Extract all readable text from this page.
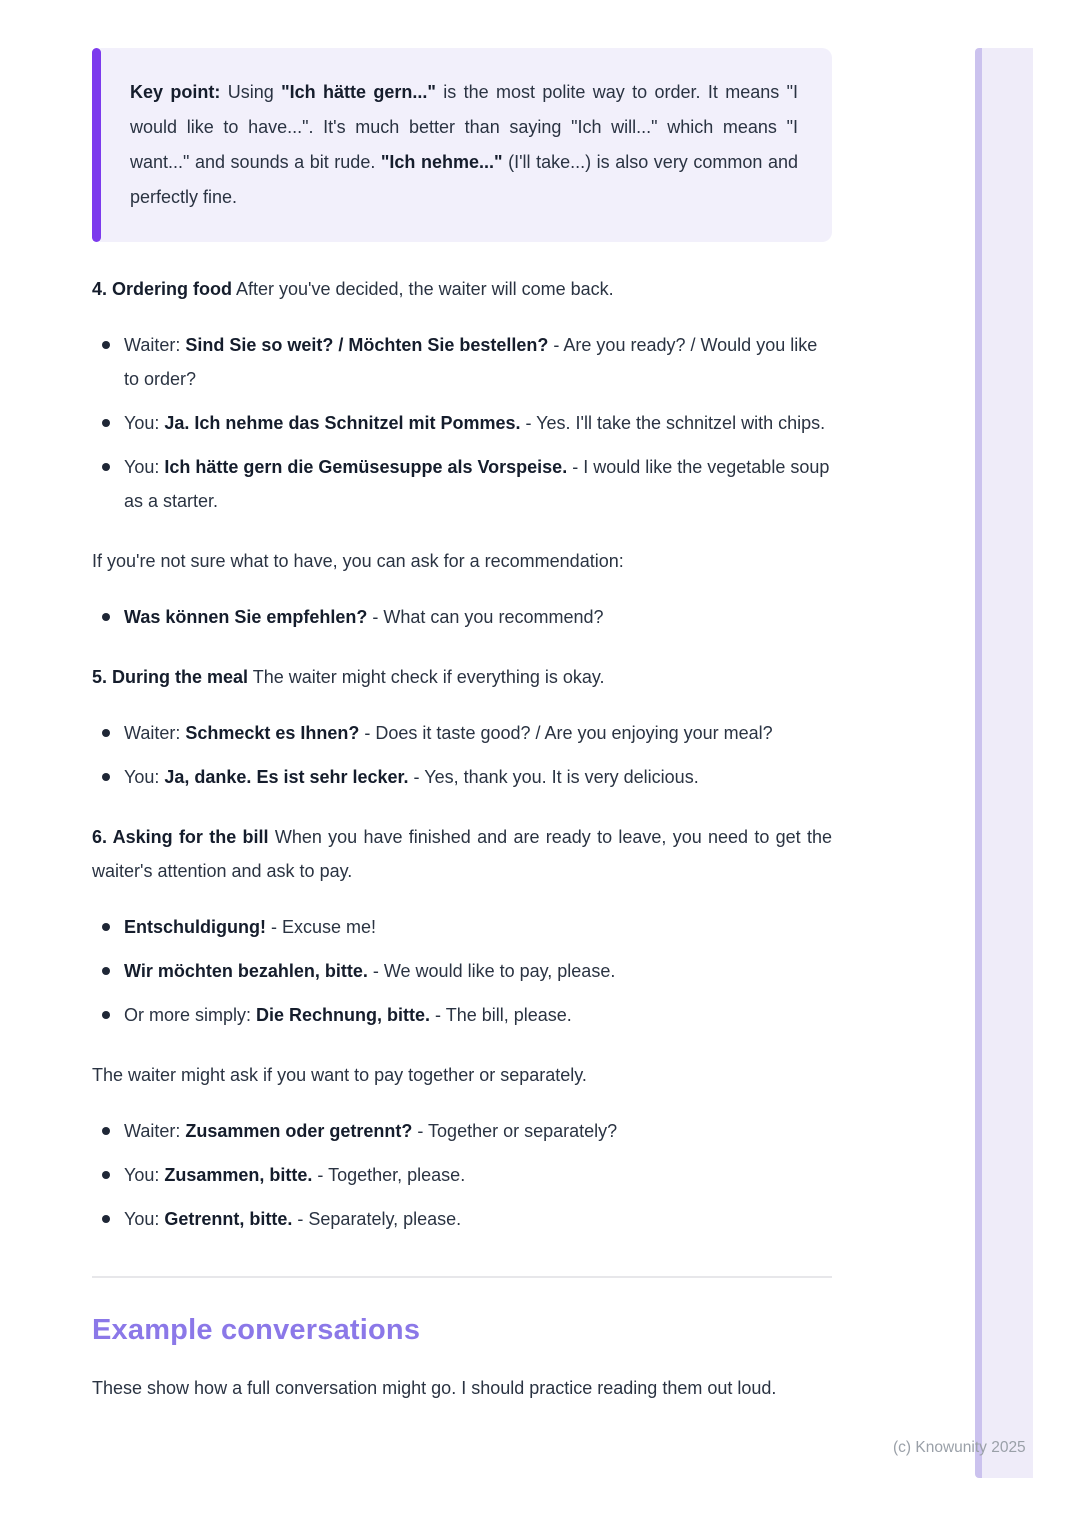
Key point: Using "Ich hätte gern..." is the most polite way to order. It means "I would like to have...". It's much better than saying "Ich will..." which means "I want..." and sounds a bit rude. "Ich nehme..." (I'll take...) is also very common and perfectly fine.

4. Ordering food After you've decided, the waiter will come back.

Waiter: Sind Sie so weit? / Möchten Sie bestellen? - Are you ready? / Would you like to order?
You: Ja. Ich nehme das Schnitzel mit Pommes. - Yes. I'll take the schnitzel with chips.
You: Ich hätte gern die Gemüsesuppe als Vorspeise. - I would like the vegetable soup as a starter.

If you're not sure what to have, you can ask for a recommendation:

Was können Sie empfehlen? - What can you recommend?

5. During the meal The waiter might check if everything is okay.

Waiter: Schmeckt es Ihnen? - Does it taste good? / Are you enjoying your meal?
You: Ja, danke. Es ist sehr lecker. - Yes, thank you. It is very delicious.

6. Asking for the bill When you have finished and are ready to leave, you need to get the waiter's attention and ask to pay.

Entschuldigung! - Excuse me!
Wir möchten bezahlen, bitte. - We would like to pay, please.
Or more simply: Die Rechnung, bitte. - The bill, please.

The waiter might ask if you want to pay together or separately.

Waiter: Zusammen oder getrennt? - Together or separately?
You: Zusammen, bitte. - Together, please.
You: Getrennt, bitte. - Separately, please.
Example conversations

These show how a full conversation might go. I should practice reading them out loud.

(c) Knowunity 2025
